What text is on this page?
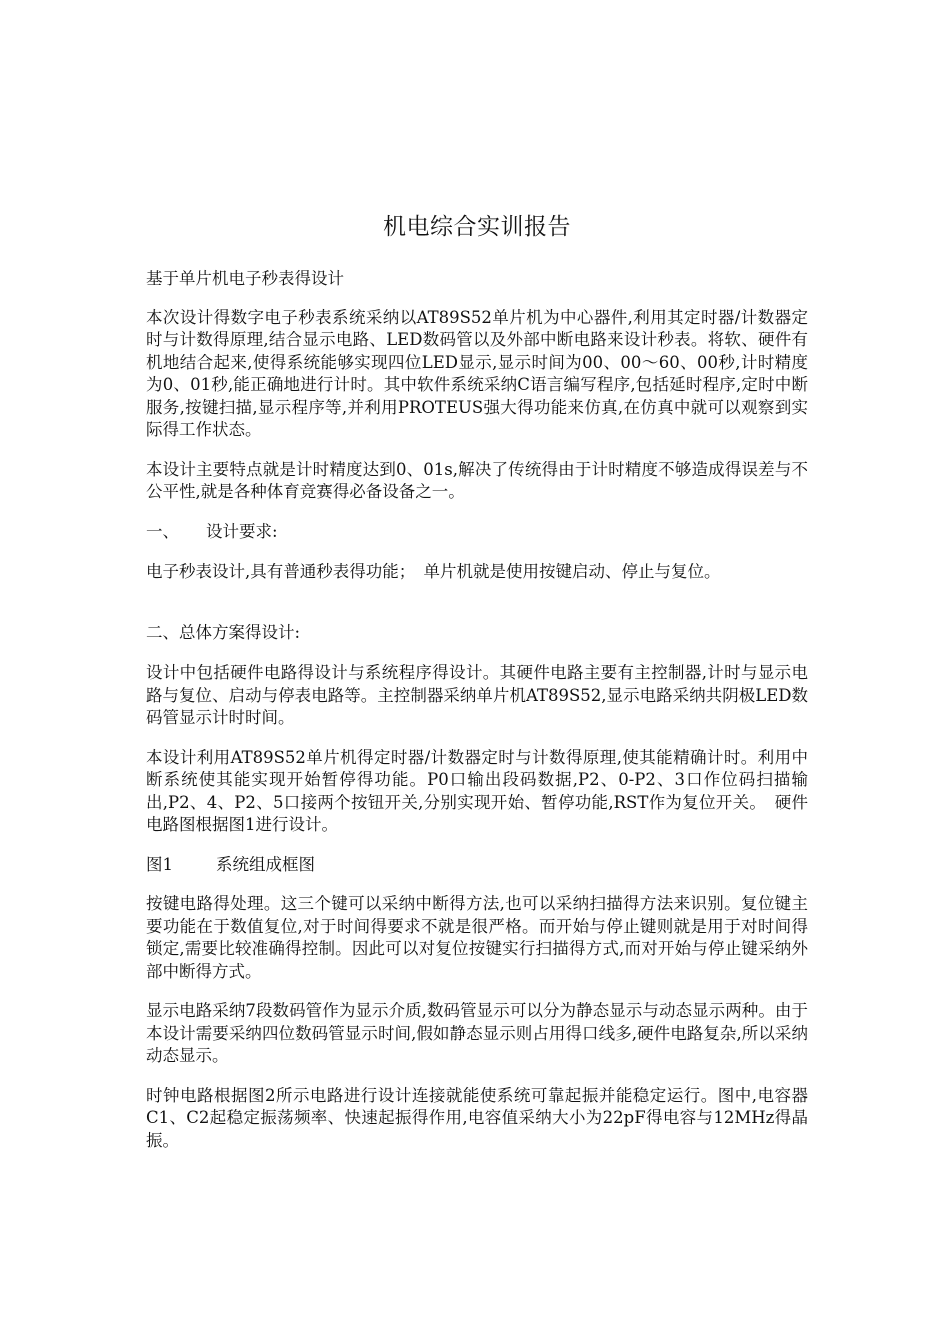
机电综合实训报告

基于单片机电子秒表得设计

本次设计得数字电子秒表系统采纳以AT89S52单片机为中心器件,利用其定时器/计数器定时与计数得原理,结合显示电路、LED数码管以及外部中断电路来设计秒表。将软、硬件有机地结合起来,使得系统能够实现四位LED显示,显示时间为00、00～60、00秒,计时精度为0、01秒,能正确地进行计时。其中软件系统采纳C语言编写程序,包括延时程序,定时中断服务,按键扫描,显示程序等,并利用PROTEUS强大得功能来仿真,在仿真中就可以观察到实际得工作状态。

本设计主要特点就是计时精度达到0、01s,解决了传统得由于计时精度不够造成得误差与不公平性,就是各种体育竞赛得必备设备之一。

一、 设计要求:

电子秒表设计,具有普通秒表得功能；　单片机就是使用按键启动、停止与复位。

二、总体方案得设计:

设计中包括硬件电路得设计与系统程序得设计。其硬件电路主要有主控制器,计时与显示电路与复位、启动与停表电路等。主控制器采纳单片机AT89S52,显示电路采纳共阴极LED数码管显示计时时间。

本设计利用AT89S52单片机得定时器/计数器定时与计数得原理,使其能精确计时。利用中断系统使其能实现开始暂停得功能。P0口输出段码数据,P2、0-P2、3口作位码扫描输出,P2、4、P2、5口接两个按钮开关,分别实现开始、暂停功能,RST作为复位开关。　硬件电路图根据图1进行设计。

图1	系统组成框图

按键电路得处理。这三个键可以采纳中断得方法,也可以采纳扫描得方法来识别。复位键主要功能在于数值复位,对于时间得要求不就是很严格。而开始与停止键则就是用于对时间得锁定,需要比较准确得控制。因此可以对复位按键实行扫描得方式,而对开始与停止键采纳外部中断得方式。

显示电路采纳7段数码管作为显示介质,数码管显示可以分为静态显示与动态显示两种。由于本设计需要采纳四位数码管显示时间,假如静态显示则占用得口线多,硬件电路复杂,所以采纳动态显示。

时钟电路根据图2所示电路进行设计连接就能使系统可靠起振并能稳定运行。图中,电容器C1、C2起稳定振荡频率、快速起振得作用,电容值采纳大小为22pF得电容与12MHz得晶振。
